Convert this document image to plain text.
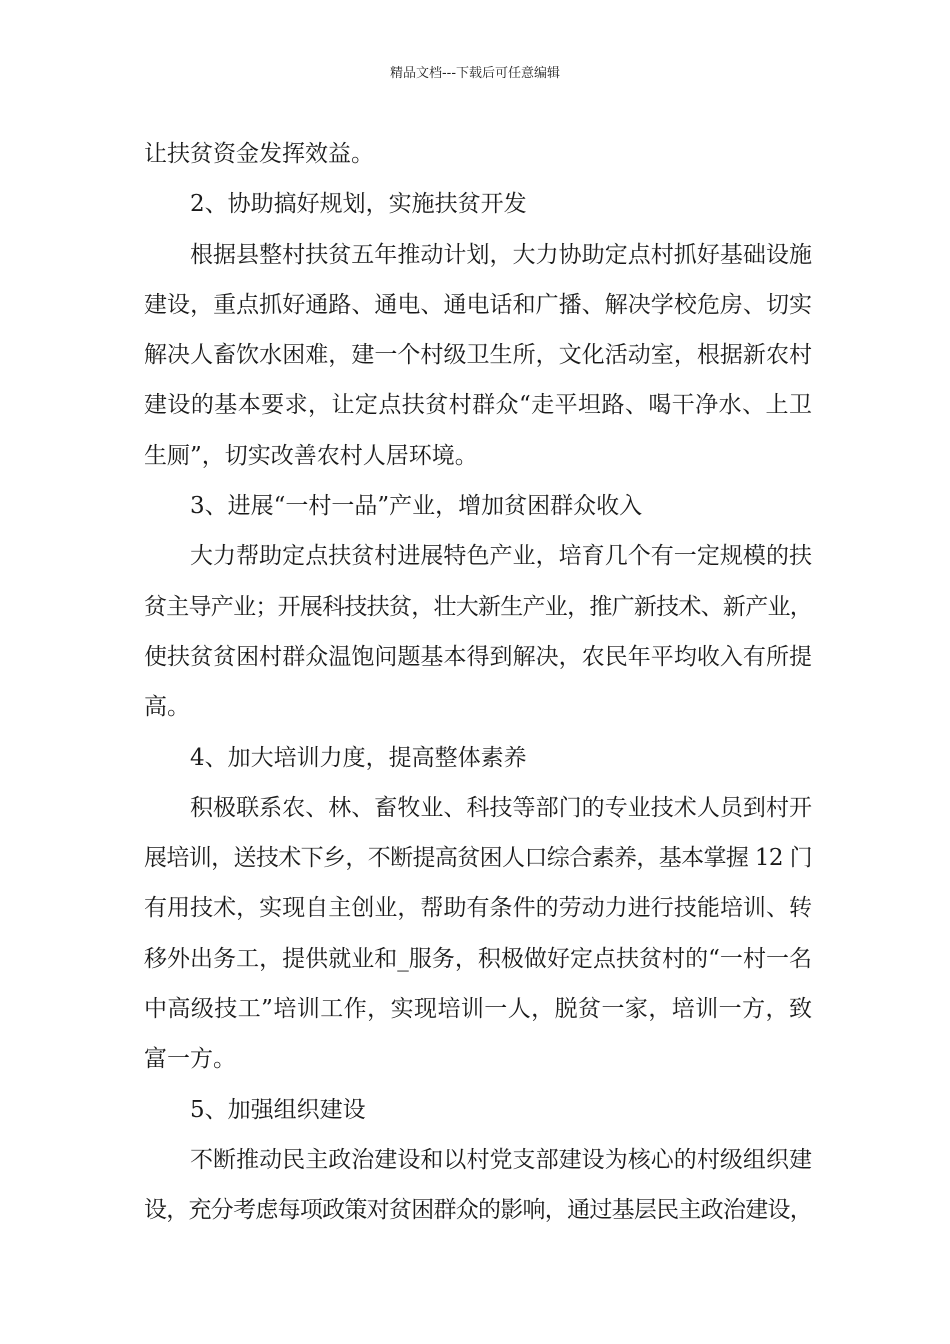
精品文档---下载后可任意编辑
让扶贫资金发挥效益。
2、协助搞好规划，实施扶贫开发
根据县整村扶贫五年推动计划，大力协助定点村抓好基础设施
建设，重点抓好通路、通电、通电话和广播、解决学校危房、切实
解决人畜饮水困难，建一个村级卫生所，文化活动室，根据新农村
建设的基本要求，让定点扶贫村群众“走平坦路、喝干净水、上卫
生厕”，切实改善农村人居环境。
3、进展“一村一品”产业，增加贫困群众收入
大力帮助定点扶贫村进展特色产业，培育几个有一定规模的扶
贫主导产业；开展科技扶贫，壮大新生产业，推广新技术、新产业，
使扶贫贫困村群众温饱问题基本得到解决，农民年平均收入有所提
高。
4、加大培训力度，提高整体素养
积极联系农、林、畜牧业、科技等部门的专业技术人员到村开
展培训，送技术下乡，不断提高贫困人口综合素养，基本掌握 12 门
有用技术，实现自主创业，帮助有条件的劳动力进行技能培训、转
移外出务工，提供就业和_服务，积极做好定点扶贫村的“一村一名
中高级技工”培训工作，实现培训一人，脱贫一家，培训一方，致
富一方。
5、加强组织建设
不断推动民主政治建设和以村党支部建设为核心的村级组织建
设，充分考虑每项政策对贫困群众的影响，通过基层民主政治建设，
